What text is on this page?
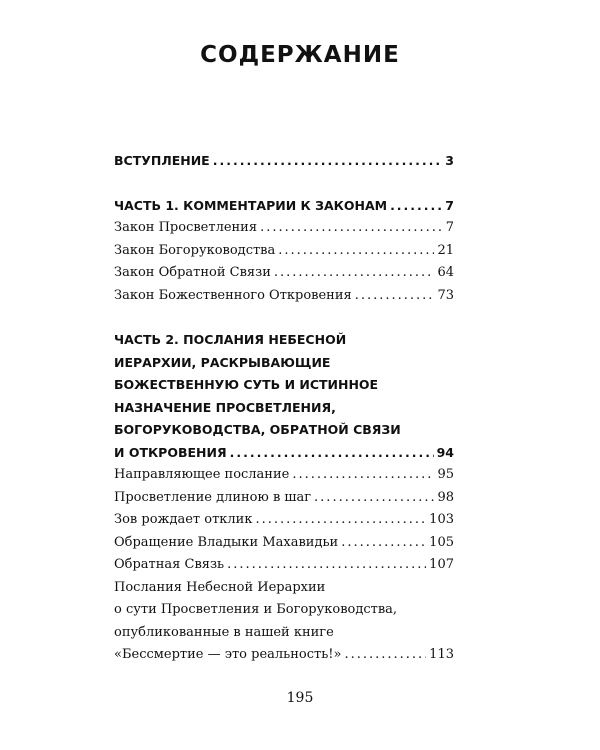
СОДЕРЖАНИЕ
ВСТУПЛЕНИЕ .....	3
ЧАСТЬ 1. КОММЕНТАРИИ К ЗАКОНАМ .....	7
Закон Просветления .....	7
Закон Богоруководства .....	21
Закон Обратной Связи .....	64
Закон Божественного Откровения .....	73
ЧАСТЬ 2. ПОСЛАНИЯ НЕБЕСНОЙ
ИЕРАРХИИ, РАСКРЫВАЮЩИЕ
БОЖЕСТВЕННУЮ СУТЬ И ИСТИННОЕ
НАЗНАЧЕНИЕ ПРОСВЕТЛЕНИЯ,
БОГОРУКОВОДСТВА, ОБРАТНОЙ СВЯЗИ
И ОТКРОВЕНИЯ .....	94
Направляющее послание .....	95
Просветление длиною в шаг .....	98
Зов рождает отклик .....	103
Обращение Владыки Махавидьи .....	105
Обратная Связь .....	107
Послания Небесной Иерархии
о сути Просветления и Богоруководства,
опубликованные в нашей книге
«Бессмертие — это реальность!» .....	113
195
